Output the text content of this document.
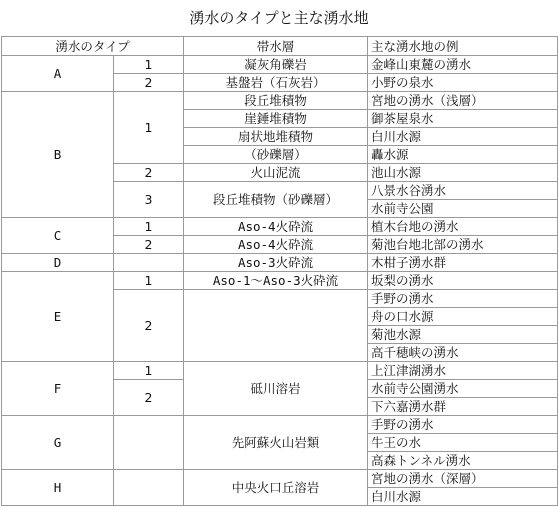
湧水のタイプと主な湧水地
湧水のタイプ		帯水層	主な湧水地の例
A	1	凝灰角礫岩	金峰山東麓の湧水
	2	基盤岩（石灰岩）	小野の泉水
B	1	段丘堆積物	宮地の湧水（浅層）
		崖錘堆積物	御茶屋泉水
		扇状地堆積物	白川水源
		（砂礫層）	轟水源
	2	火山泥流	池山水源
	3	段丘堆積物（砂礫層）	八景水谷湧水
			水前寺公園
C	1	Aso-4火砕流	植木台地の湧水
	2	Aso-4火砕流	菊池台地北部の湧水
D		Aso-3火砕流	木柑子湧水群
E	1	Aso-1～Aso-3火砕流	坂梨の湧水
	2		手野の湧水
			舟の口水源
			菊池水源
			高千穂峡の湧水
F	1	砥川溶岩	上江津湖湧水
	2		水前寺公園湧水
			下六嘉湧水群
G		先阿蘇火山岩類	手野の湧水
			牛王の水
			高森トンネル湧水
H		中央火口丘溶岩	宮地の湧水（深層）
			白川水源
